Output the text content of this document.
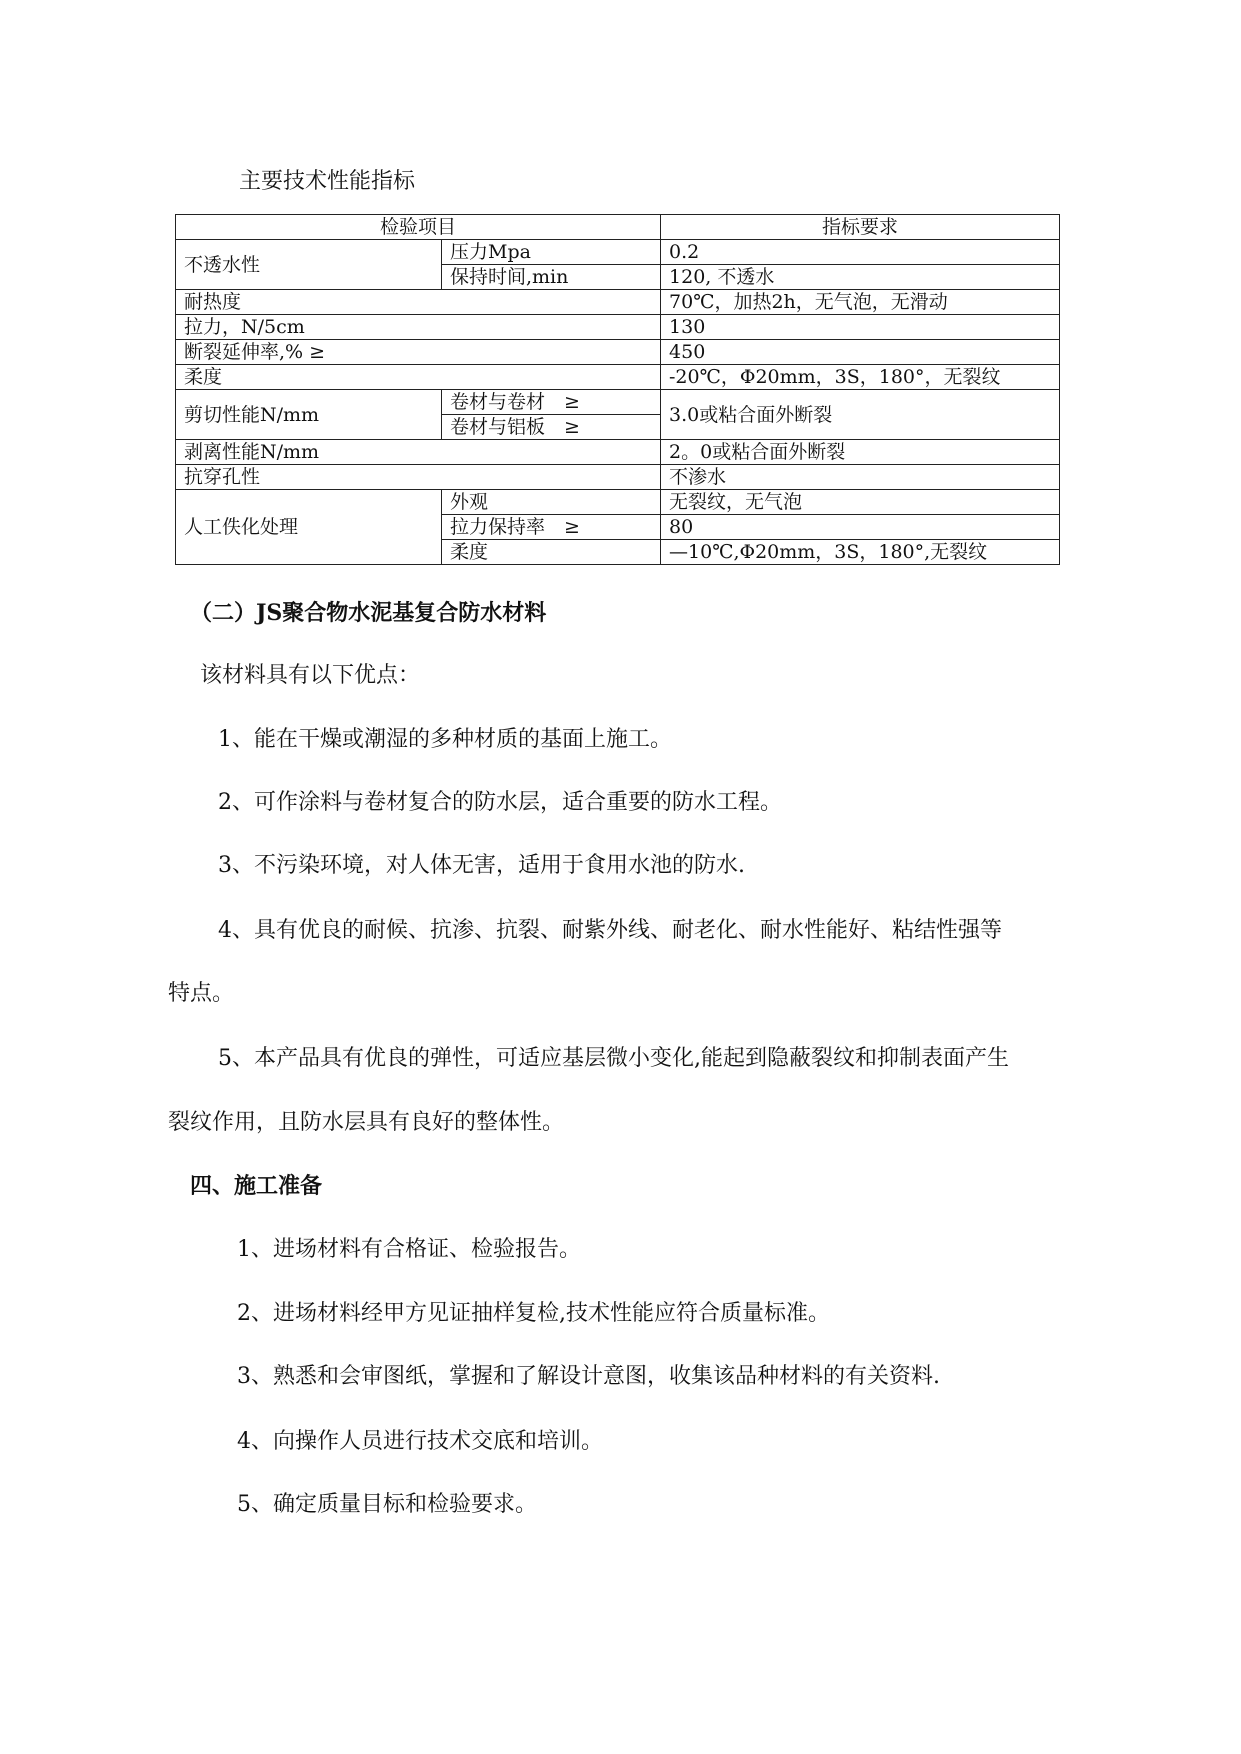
主要技术性能指标
检验项目		指标要求
不透水性	压力Mpa	0.2
	保持时间,min	120, 不透水
耐热度		70℃，加热2h，无气泡，无滑动
拉力，N/5cm		130
断裂延伸率,% ≥		450
柔度		-20℃，Φ20mm，3S，180°，无裂纹
剪切性能N/mm	卷材与卷材　≥	3.0或粘合面外断裂
	卷材与铝板　≥	
剥离性能N/mm		2。0或粘合面外断裂
抗穿孔性		不渗水
人工佚化处理	外观	无裂纹，无气泡
	拉力保持率　≥	80
	柔度	—10℃,Φ20mm，3S，180°,无裂纹
（二）JS聚合物水泥基复合防水材料
该材料具有以下优点：
1、能在干燥或潮湿的多种材质的基面上施工。
2、可作涂料与卷材复合的防水层，适合重要的防水工程。
3、不污染环境，对人体无害，适用于食用水池的防水.
4、具有优良的耐候、抗渗、抗裂、耐紫外线、耐老化、耐水性能好、粘结性强等
特点。
5、本产品具有优良的弹性，可适应基层微小变化,能起到隐蔽裂纹和抑制表面产生
裂纹作用，且防水层具有良好的整体性。
四、施工准备
1、进场材料有合格证、检验报告。
2、进场材料经甲方见证抽样复检,技术性能应符合质量标准。
3、熟悉和会审图纸，掌握和了解设计意图，收集该品种材料的有关资料.
4、向操作人员进行技术交底和培训。
5、确定质量目标和检验要求。
